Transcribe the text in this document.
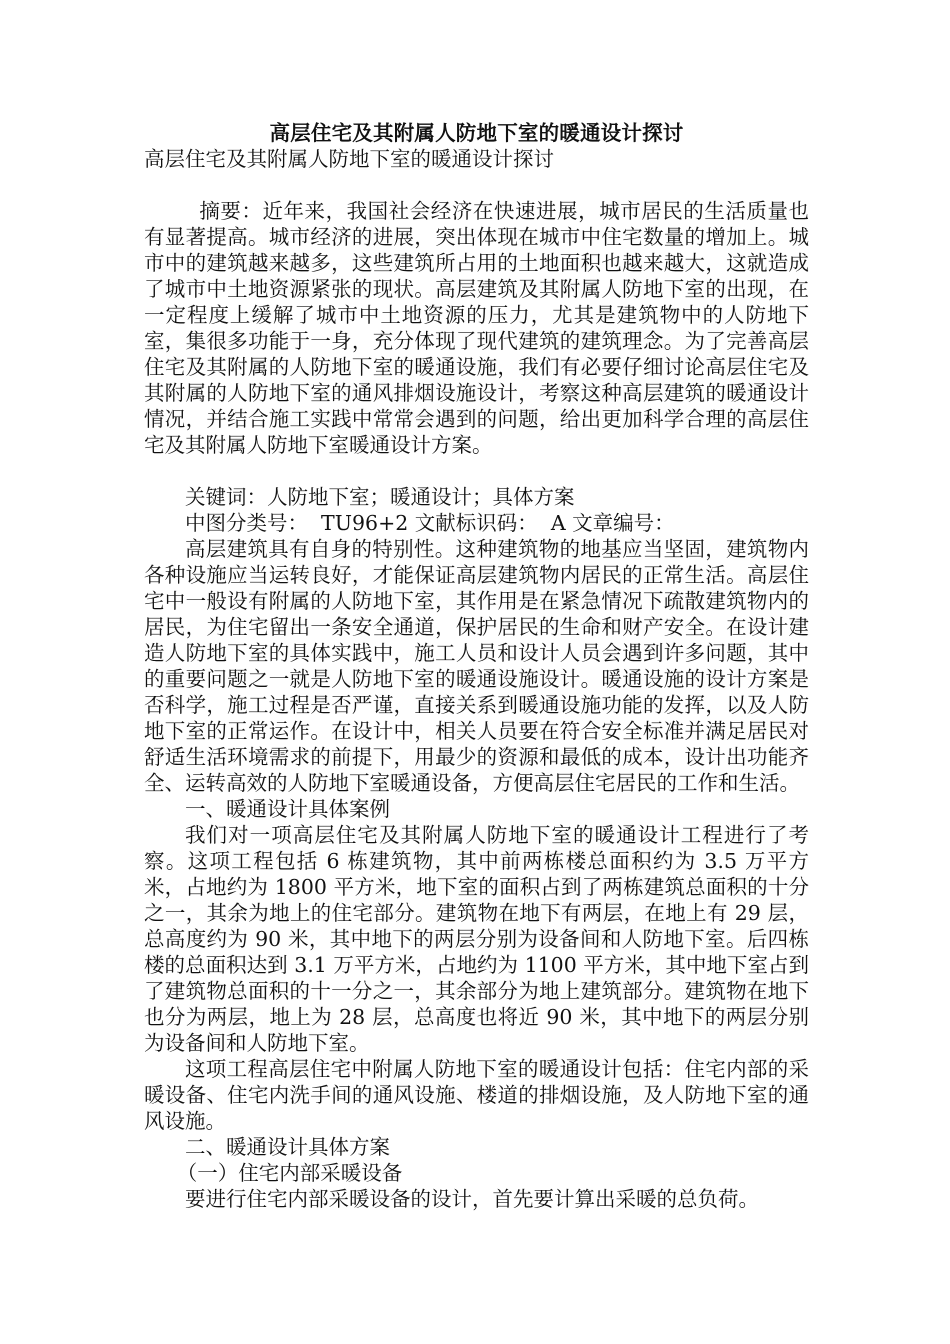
高层住宅及其附属人防地下室的暖通设计探讨

高层住宅及其附属人防地下室的暖通设计探讨

摘要：近年来，我国社会经济在快速进展，城市居民的生活质量也有显著提高。城市经济的进展，突出体现在城市中住宅数量的增加上。城市中的建筑越来越多，这些建筑所占用的土地面积也越来越大，这就造成了城市中土地资源紧张的现状。高层建筑及其附属人防地下室的出现，在一定程度上缓解了城市中土地资源的压力，尤其是建筑物中的人防地下室，集很多功能于一身，充分体现了现代建筑的建筑理念。为了完善高层住宅及其附属的人防地下室的暖通设施，我们有必要仔细讨论高层住宅及其附属的人防地下室的通风排烟设施设计，考察这种高层建筑的暖通设计情况，并结合施工实践中常常会遇到的问题，给出更加科学合理的高层住宅及其附属人防地下室暖通设计方案。

关键词：人防地下室；暖通设计；具体方案

中图分类号：  TU96+2 文献标识码：  A 文章编号：

高层建筑具有自身的特别性。这种建筑物的地基应当坚固，建筑物内各种设施应当运转良好，才能保证高层建筑物内居民的正常生活。高层住宅中一般设有附属的人防地下室，其作用是在紧急情况下疏散建筑物内的居民，为住宅留出一条安全通道，保护居民的生命和财产安全。在设计建造人防地下室的具体实践中，施工人员和设计人员会遇到许多问题，其中的重要问题之一就是人防地下室的暖通设施设计。暖通设施的设计方案是否科学，施工过程是否严谨，直接关系到暖通设施功能的发挥，以及人防地下室的正常运作。在设计中，相关人员要在符合安全标准并满足居民对舒适生活环境需求的前提下，用最少的资源和最低的成本，设计出功能齐全、运转高效的人防地下室暖通设备，方便高层住宅居民的工作和生活。

一、暖通设计具体案例

我们对一项高层住宅及其附属人防地下室的暖通设计工程进行了考察。这项工程包括 6 栋建筑物，其中前两栋楼总面积约为 3.5 万平方米，占地约为 1800 平方米，地下室的面积占到了两栋建筑总面积的十分之一，其余为地上的住宅部分。建筑物在地下有两层，在地上有 29 层，总高度约为 90 米，其中地下的两层分别为设备间和人防地下室。后四栋楼的总面积达到 3.1 万平方米，占地约为 1100 平方米，其中地下室占到了建筑物总面积的十一分之一，其余部分为地上建筑部分。建筑物在地下也分为两层，地上为 28 层，总高度也将近 90 米，其中地下的两层分别为设备间和人防地下室。

这项工程高层住宅中附属人防地下室的暖通设计包括：住宅内部的采暖设备、住宅内洗手间的通风设施、楼道的排烟设施，及人防地下室的通风设施。

二、暖通设计具体方案

（一）住宅内部采暖设备

要进行住宅内部采暖设备的设计，首先要计算出采暖的总负荷。
